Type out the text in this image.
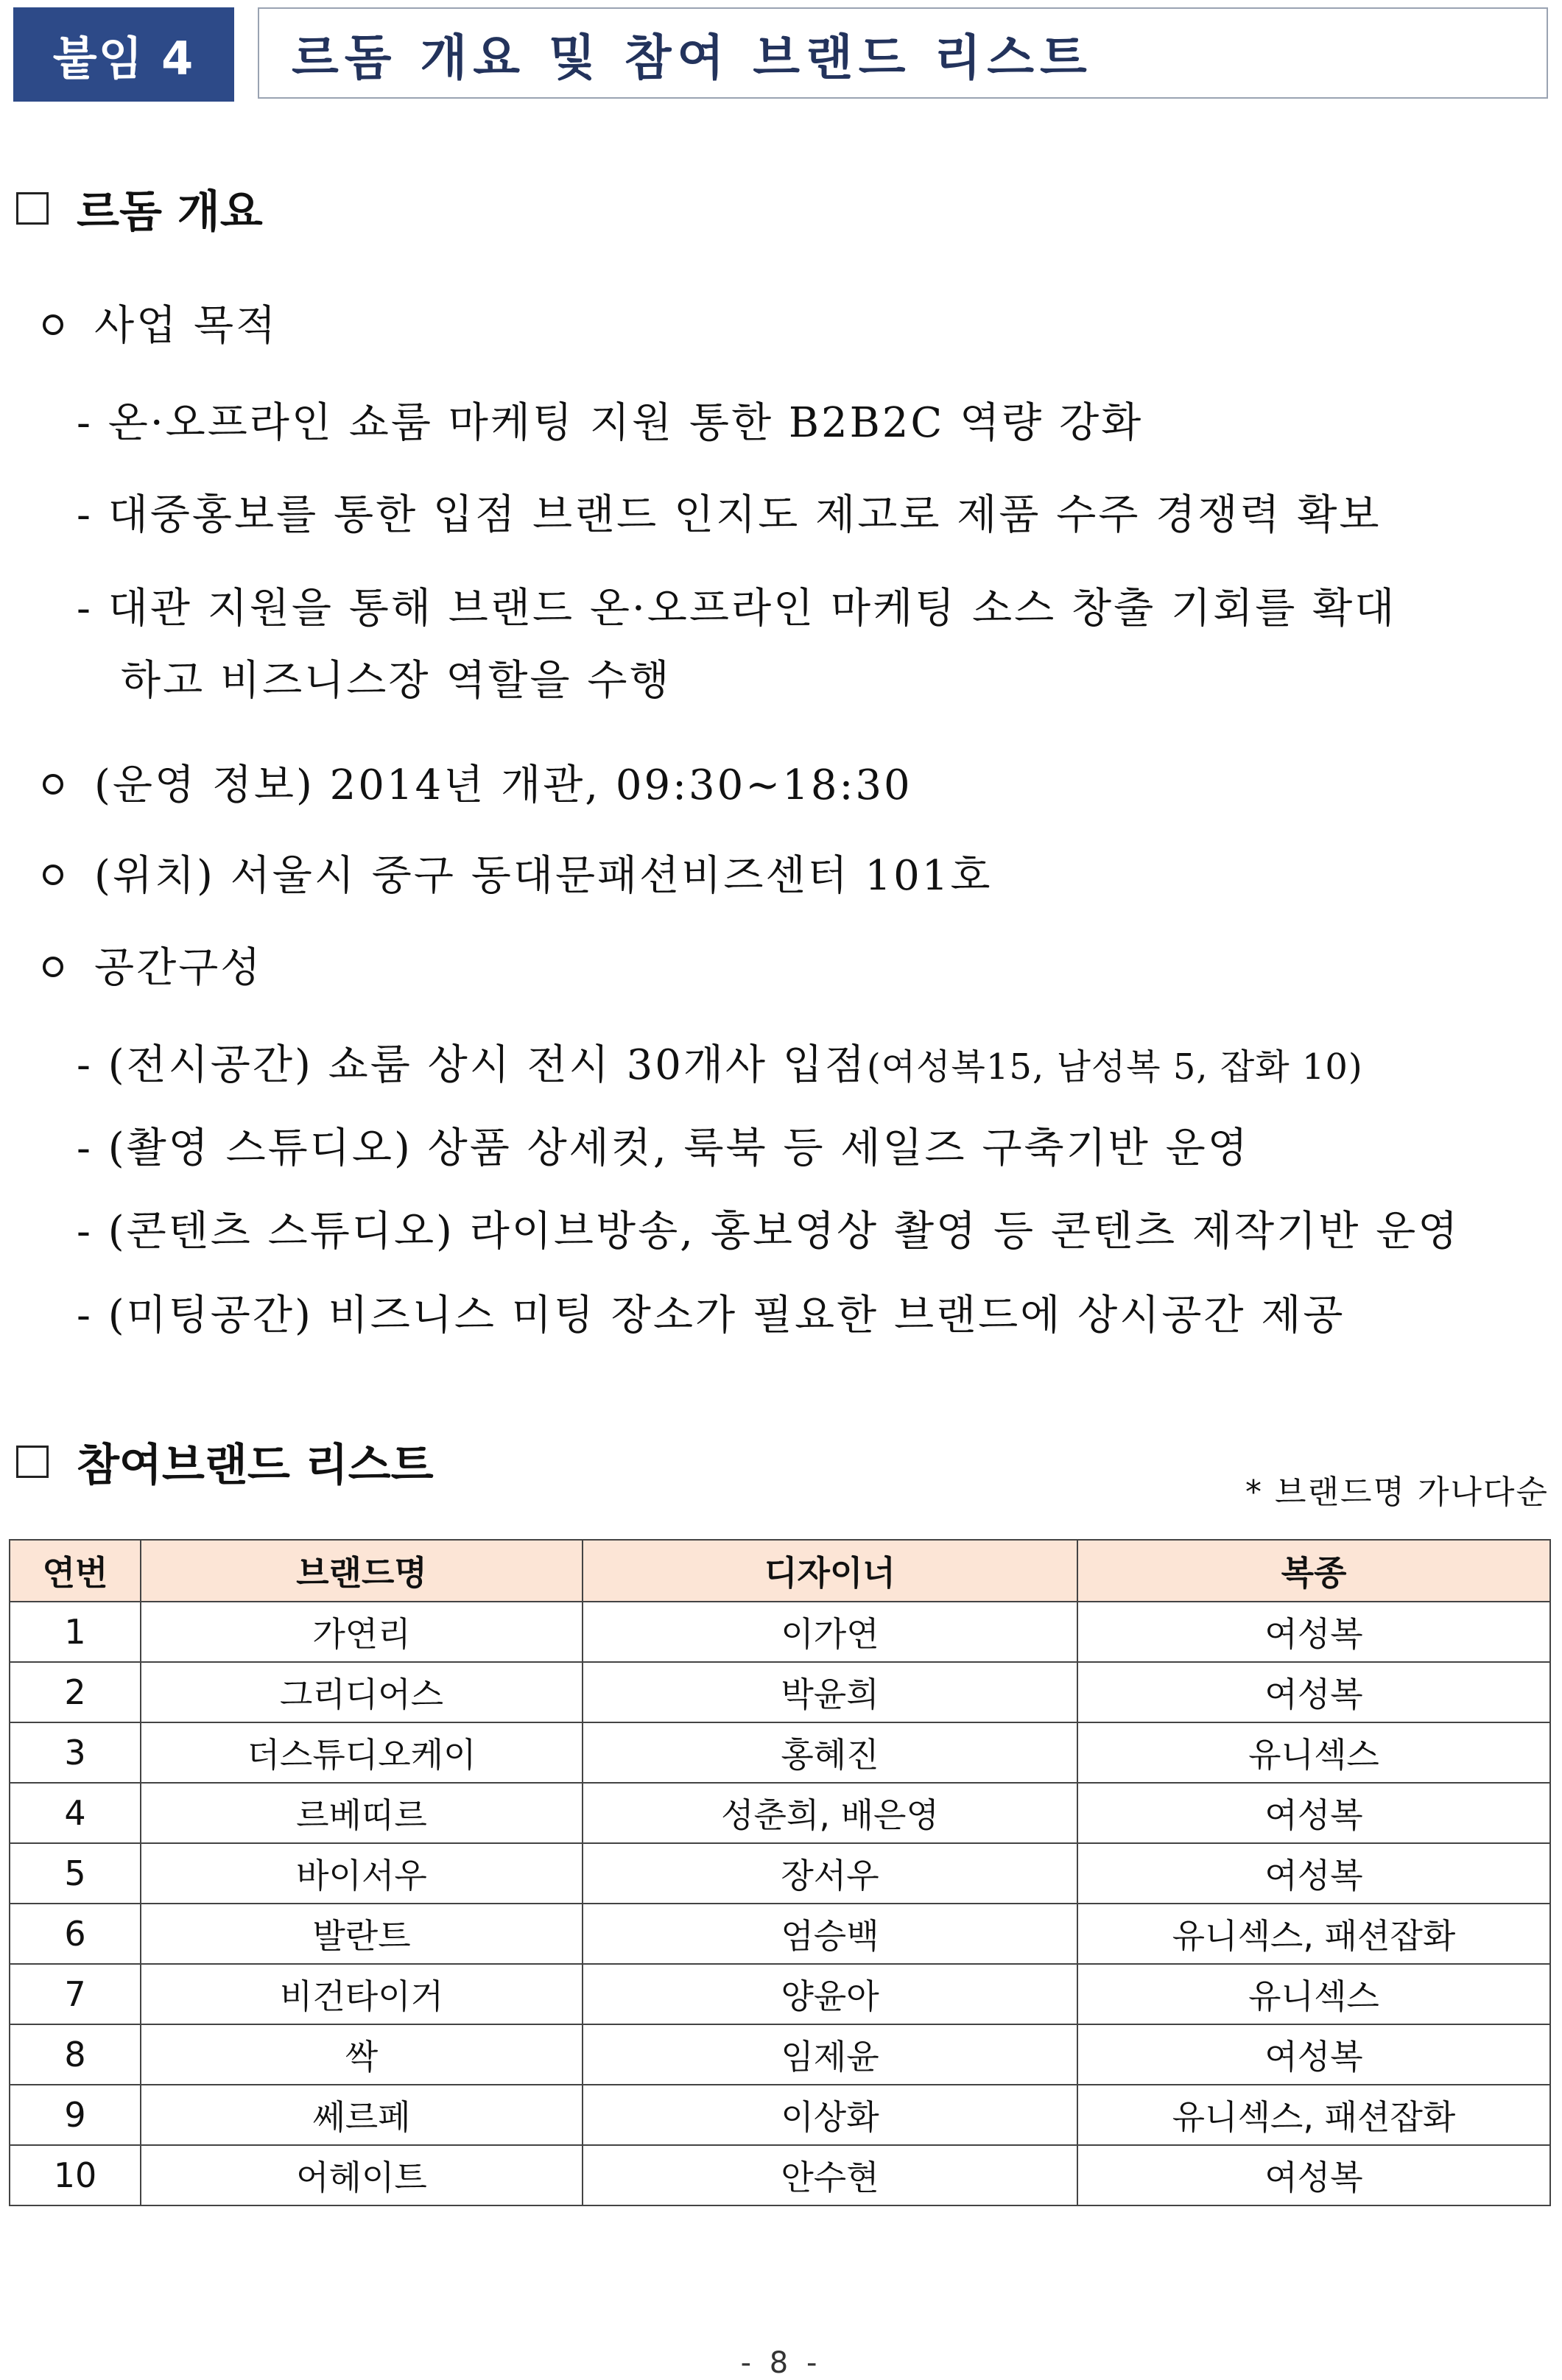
붙임 4	르돔 개요 및 참여 브랜드 리스트
르돔 개요
사업 목적
- 온·오프라인 쇼룸 마케팅 지원 통한 B2B2C 역량 강화
- 대중홍보를 통한 입점 브랜드 인지도 제고로 제품 수주 경쟁력 확보
- 대관 지원을 통해 브랜드 온·오프라인 마케팅 소스 창출 기회를 확대
하고 비즈니스장 역할을 수행
(운영 정보) 2014년 개관, 09:30~18:30
(위치) 서울시 중구 동대문패션비즈센터 101호
공간구성
- (전시공간) 쇼룸 상시 전시 30개사 입점(여성복15, 남성복 5, 잡화 10)
- (촬영 스튜디오) 상품 상세컷, 룩북 등 세일즈 구축기반 운영
- (콘텐츠 스튜디오) 라이브방송, 홍보영상 촬영 등 콘텐츠 제작기반 운영
- (미팅공간) 비즈니스 미팅 장소가 필요한 브랜드에 상시공간 제공
참여브랜드 리스트
* 브랜드명 가나다순
연번	브랜드명	디자이너	복종
1	가연리	이가연	여성복
2	그리디어스	박윤희	여성복
3	더스튜디오케이	홍혜진	유니섹스
4	르베띠르	성춘희, 배은영	여성복
5	바이서우	장서우	여성복
6	발란트	엄승백	유니섹스, 패션잡화
7	비건타이거	양윤아	유니섹스
8	싹	임제윤	여성복
9	쎄르페	이상화	유니섹스, 패션잡화
10	어헤이트	안수현	여성복
- 8 -
